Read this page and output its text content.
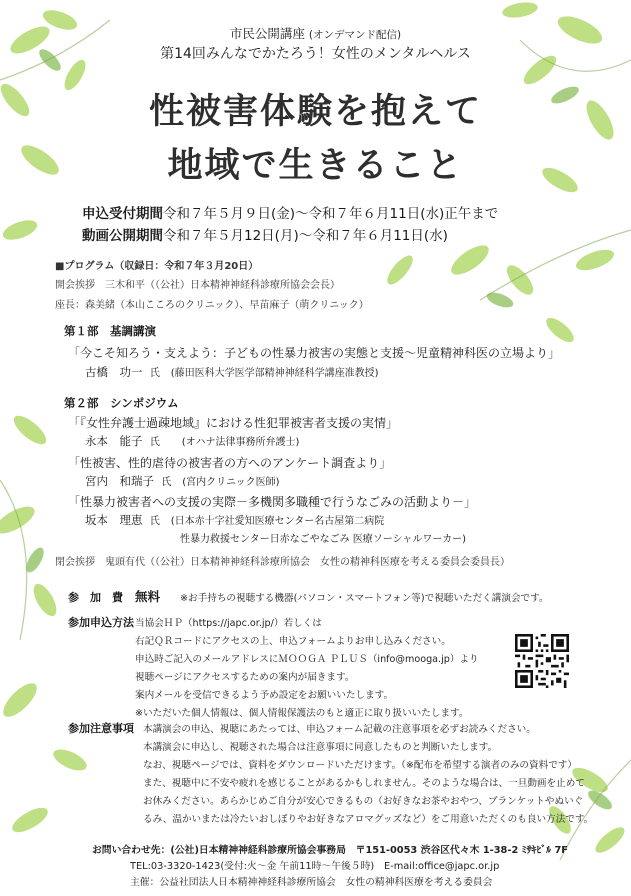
市民公開講座 (オンデマンド配信)
第14回みんなでかたろう！女性のメンタルヘルス
性被害体験を抱えて
地域で生きること
申込受付期間 令和７年５月９日(金)～令和７年６月11日(水)正午まで
動画公開期間 令和７年５月12日(月)～令和７年６月11日(水)
■プログラム（収録日：令和７年３月20日）
開会挨拶　三木和平（（公社）日本精神神経科診療所協会会長）
座長：森美緒（本山こころのクリニック）、早苗麻子（萌クリニック）
第１部　基調講演
「今こそ知ろう・支えよう：子どもの性暴力被害の実態と支援～児童精神科医の立場より」
古橋　功一 氏 (藤田医科大学医学部精神神経科学講座准教授)
第２部　シンポジウム
「『女性弁護士過疎地域』における性犯罪被害者支援の実情」
永本　能子 氏 (オハナ法律事務所弁護士)
「性被害、性的虐待の被害者の方へのアンケート調査より」
宮内　和瑞子 氏 (宮内クリニック医師)
「性暴力被害者への支援の実際－多機関多職種で行うなごみの活動より－」
坂本　理恵 氏 (日本赤十字社愛知医療センター名古屋第二病院
性暴力救援センター日赤なごやなごみ 医療ソーシャルワーカー)
閉会挨拶　鬼頭有代（（公社）日本精神神経科診療所協会　女性の精神科医療を考える委員会委員長）
参　加　費 無料 ※お手持ちの視聴する機器(パソコン・スマートフォン等)で視聴いただく講演会です。
参加申込方法 当協会ＨＰ（https://japc.or.jp/）若しくは
右記ＱＲコードにアクセスの上、申込フォームよりお申し込みください。
申込時ご記入のメールアドレスにＭＯＯＧＡ ＰＬＵＳ（info@mooga.jp）より
視聴ページにアクセスするための案内が届きます。
案内メールを受信できるよう予め設定をお願いいたします。
※いただいた個人情報は、個人情報保護法のもと適正に取り扱いいたします。
参加注意事項 本講演会の申込、視聴にあたっては、申込フォーム記載の注意事項を必ずお読みください。
本講演会に申込し、視聴された場合は注意事項に同意したものと判断いたします。
なお、視聴ページでは、資料をダウンロードいただけます。（※配布を希望する演者のみの資料です）
また、視聴中に不安や疲れを感じることがあるかもしれません。そのような場合は、一旦動画を止めて
お休みください。あらかじめご自分が安心できるもの（お好きなお茶やおやつ、ブランケットやぬいぐ
るみ、温かいまたは冷たいおしぼりやお好きなアロマグッズなど）をご用意いただくのも良い方法です。
お問い合わせ先：(公社)日本精神神経科診療所協会事務局　〒151-0053 渋谷区代々木 1-38-2 ﾐｻｷﾋﾞﾙ 7F
TEL:03-3320-1423(受付:火～金 午前11時～午後５時)　E-mail:office@japc.or.jp
主催：公益社団法人日本精神神経科診療所協会　女性の精神科医療を考える委員会
